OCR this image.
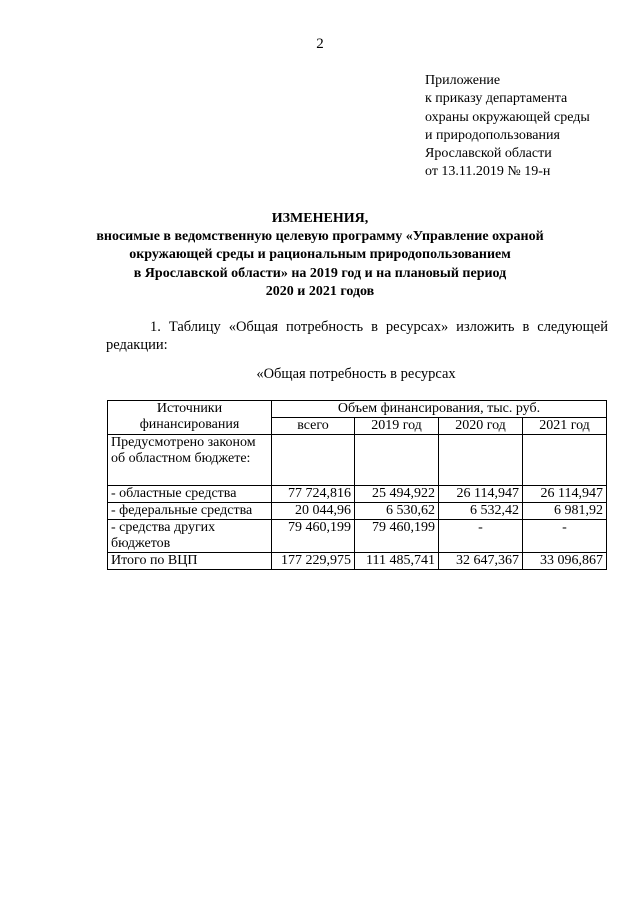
2
Приложение
к приказу департамента
охраны окружающей среды
и природопользования
Ярославской области
от 13.11.2019 № 19-н
ИЗМЕНЕНИЯ,
вносимые в ведомственную целевую программу «Управление охраной
окружающей среды и рациональным природопользованием
в Ярославской области» на 2019 год и на плановый период
2020 и 2021 годов
1. Таблицу «Общая потребность в ресурсах» изложить в следующей
редакции:
«Общая потребность в ресурсах
Источники финансирования	Объем финансирования, тыс. руб.			
	всего	2019 год	2020 год	2021 год
Предусмотрено законом об областном бюджете:				
- областные средства	77 724,816	25 494,922	26 114,947	26 114,947
- федеральные средства	20 044,96	6 530,62	6 532,42	6 981,92
- средства других бюджетов	79 460,199	79 460,199	-	-
Итого по ВЦП	177 229,975	111 485,741	32 647,367	33 096,867
